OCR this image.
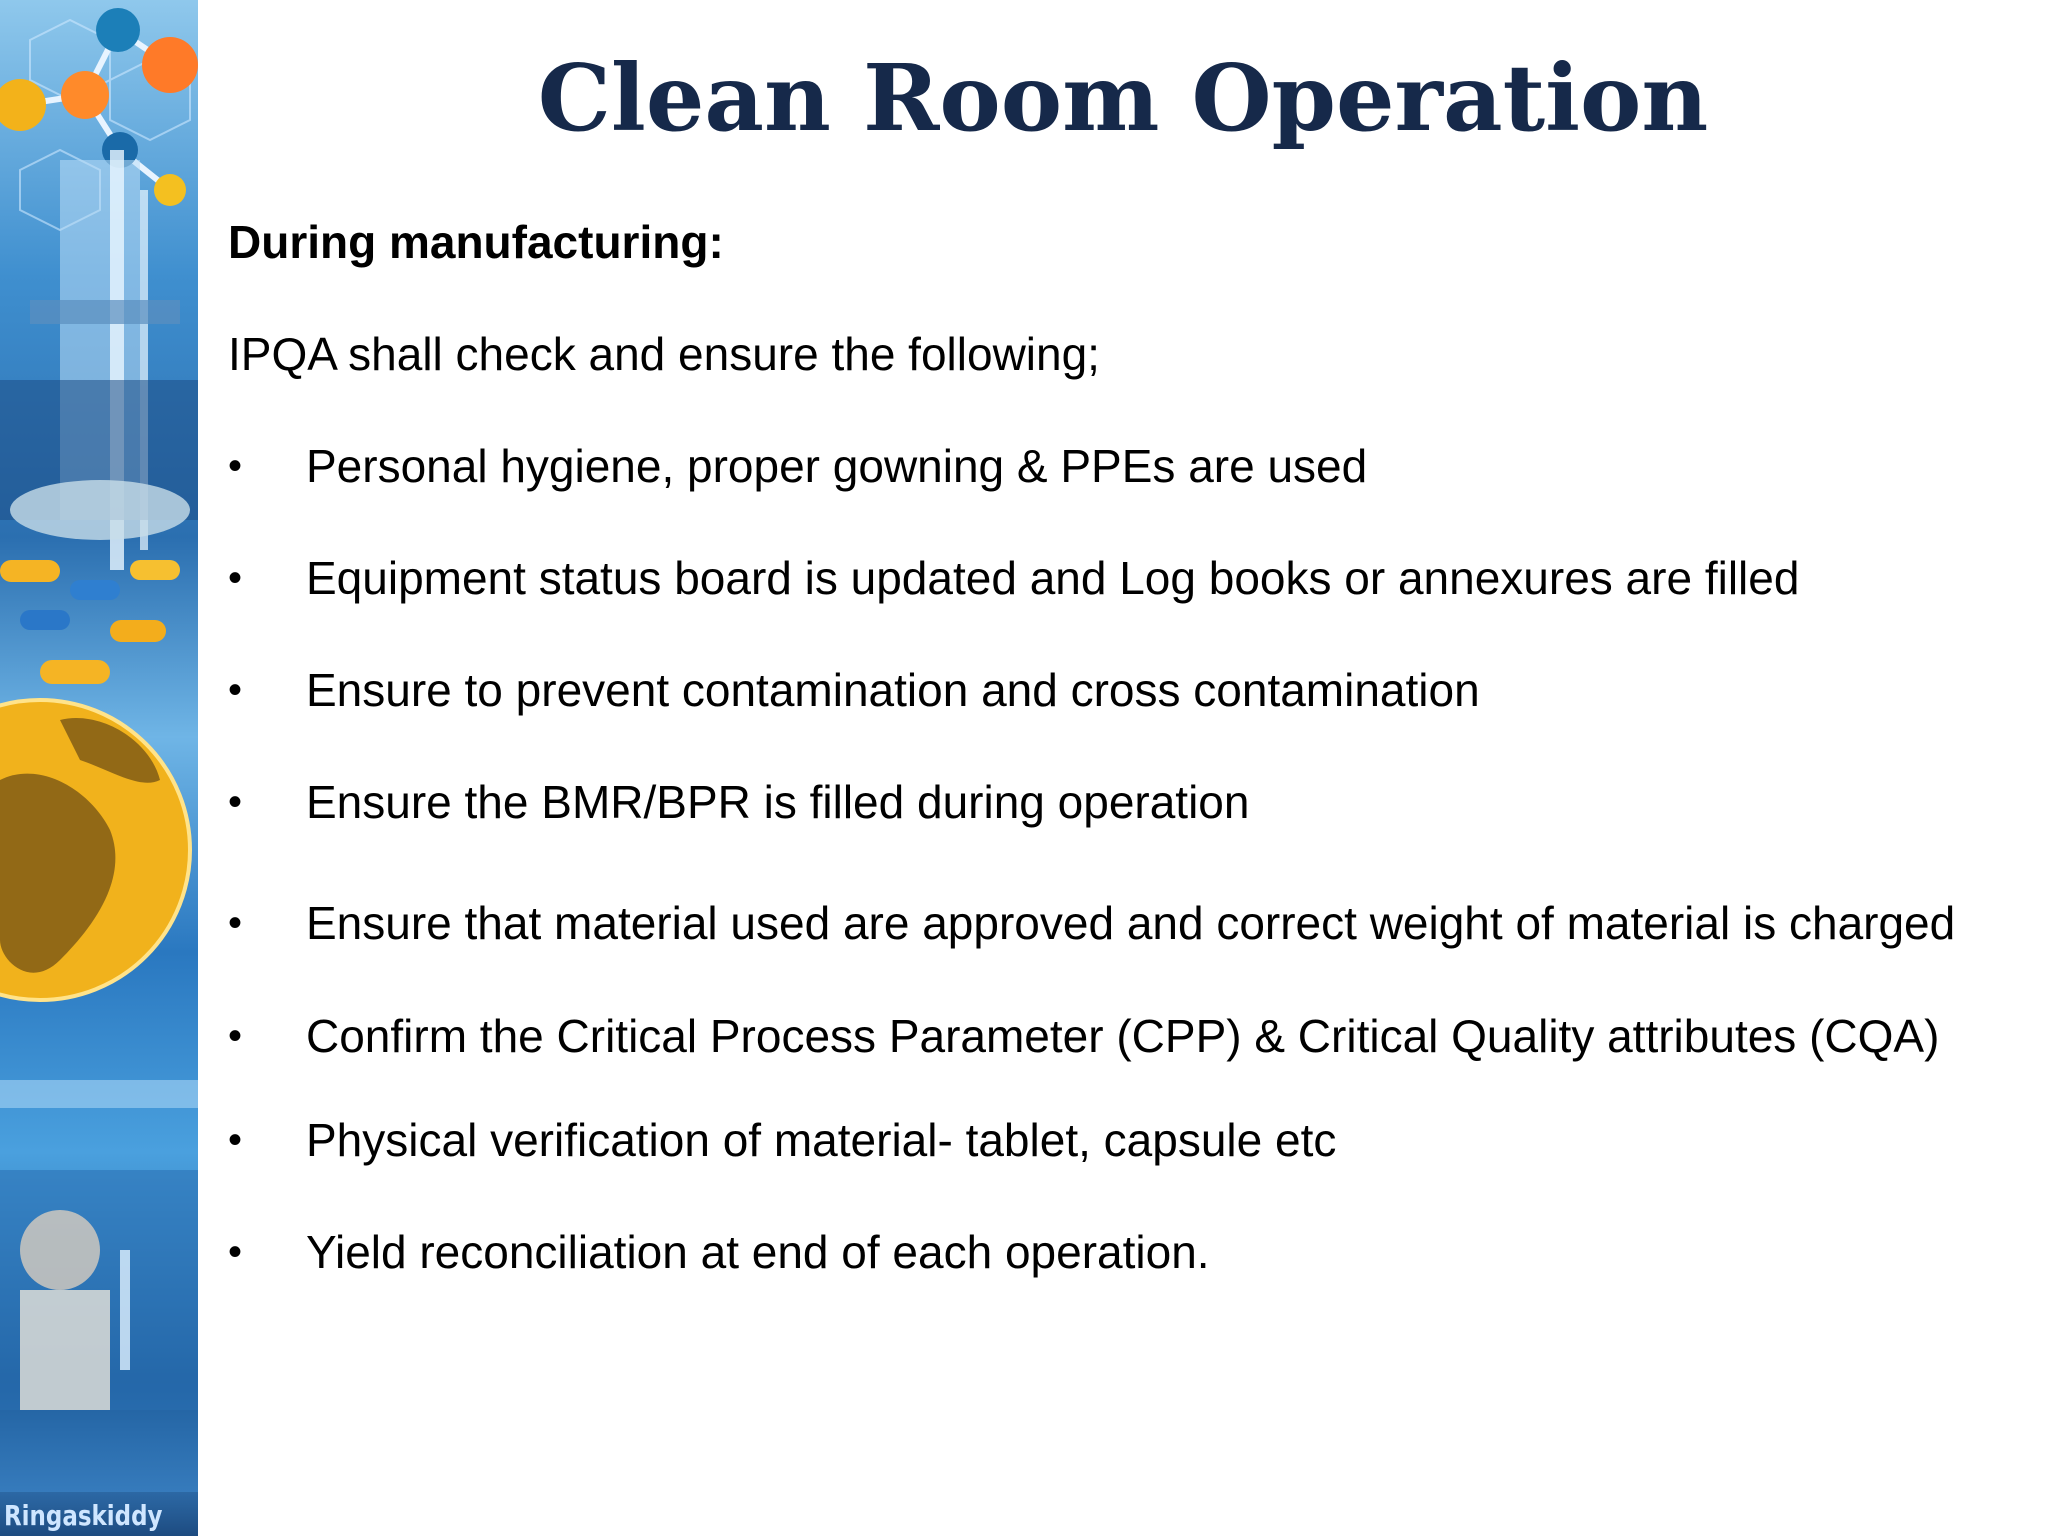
Ringaskiddy
Clean Room Operation
During manufacturing:
IPQA shall check and ensure the following;
• Personal hygiene, proper gowning & PPEs are used
• Equipment status board is updated and Log books or annexures are filled
• Ensure to prevent contamination and cross contamination
• Ensure the BMR/BPR is filled during operation
• Ensure that material used are approved and correct weight of material is charged
• Confirm the Critical Process Parameter (CPP) & Critical Quality attributes (CQA)
• Physical verification of material- tablet, capsule etc
• Yield reconciliation at end of each operation.
